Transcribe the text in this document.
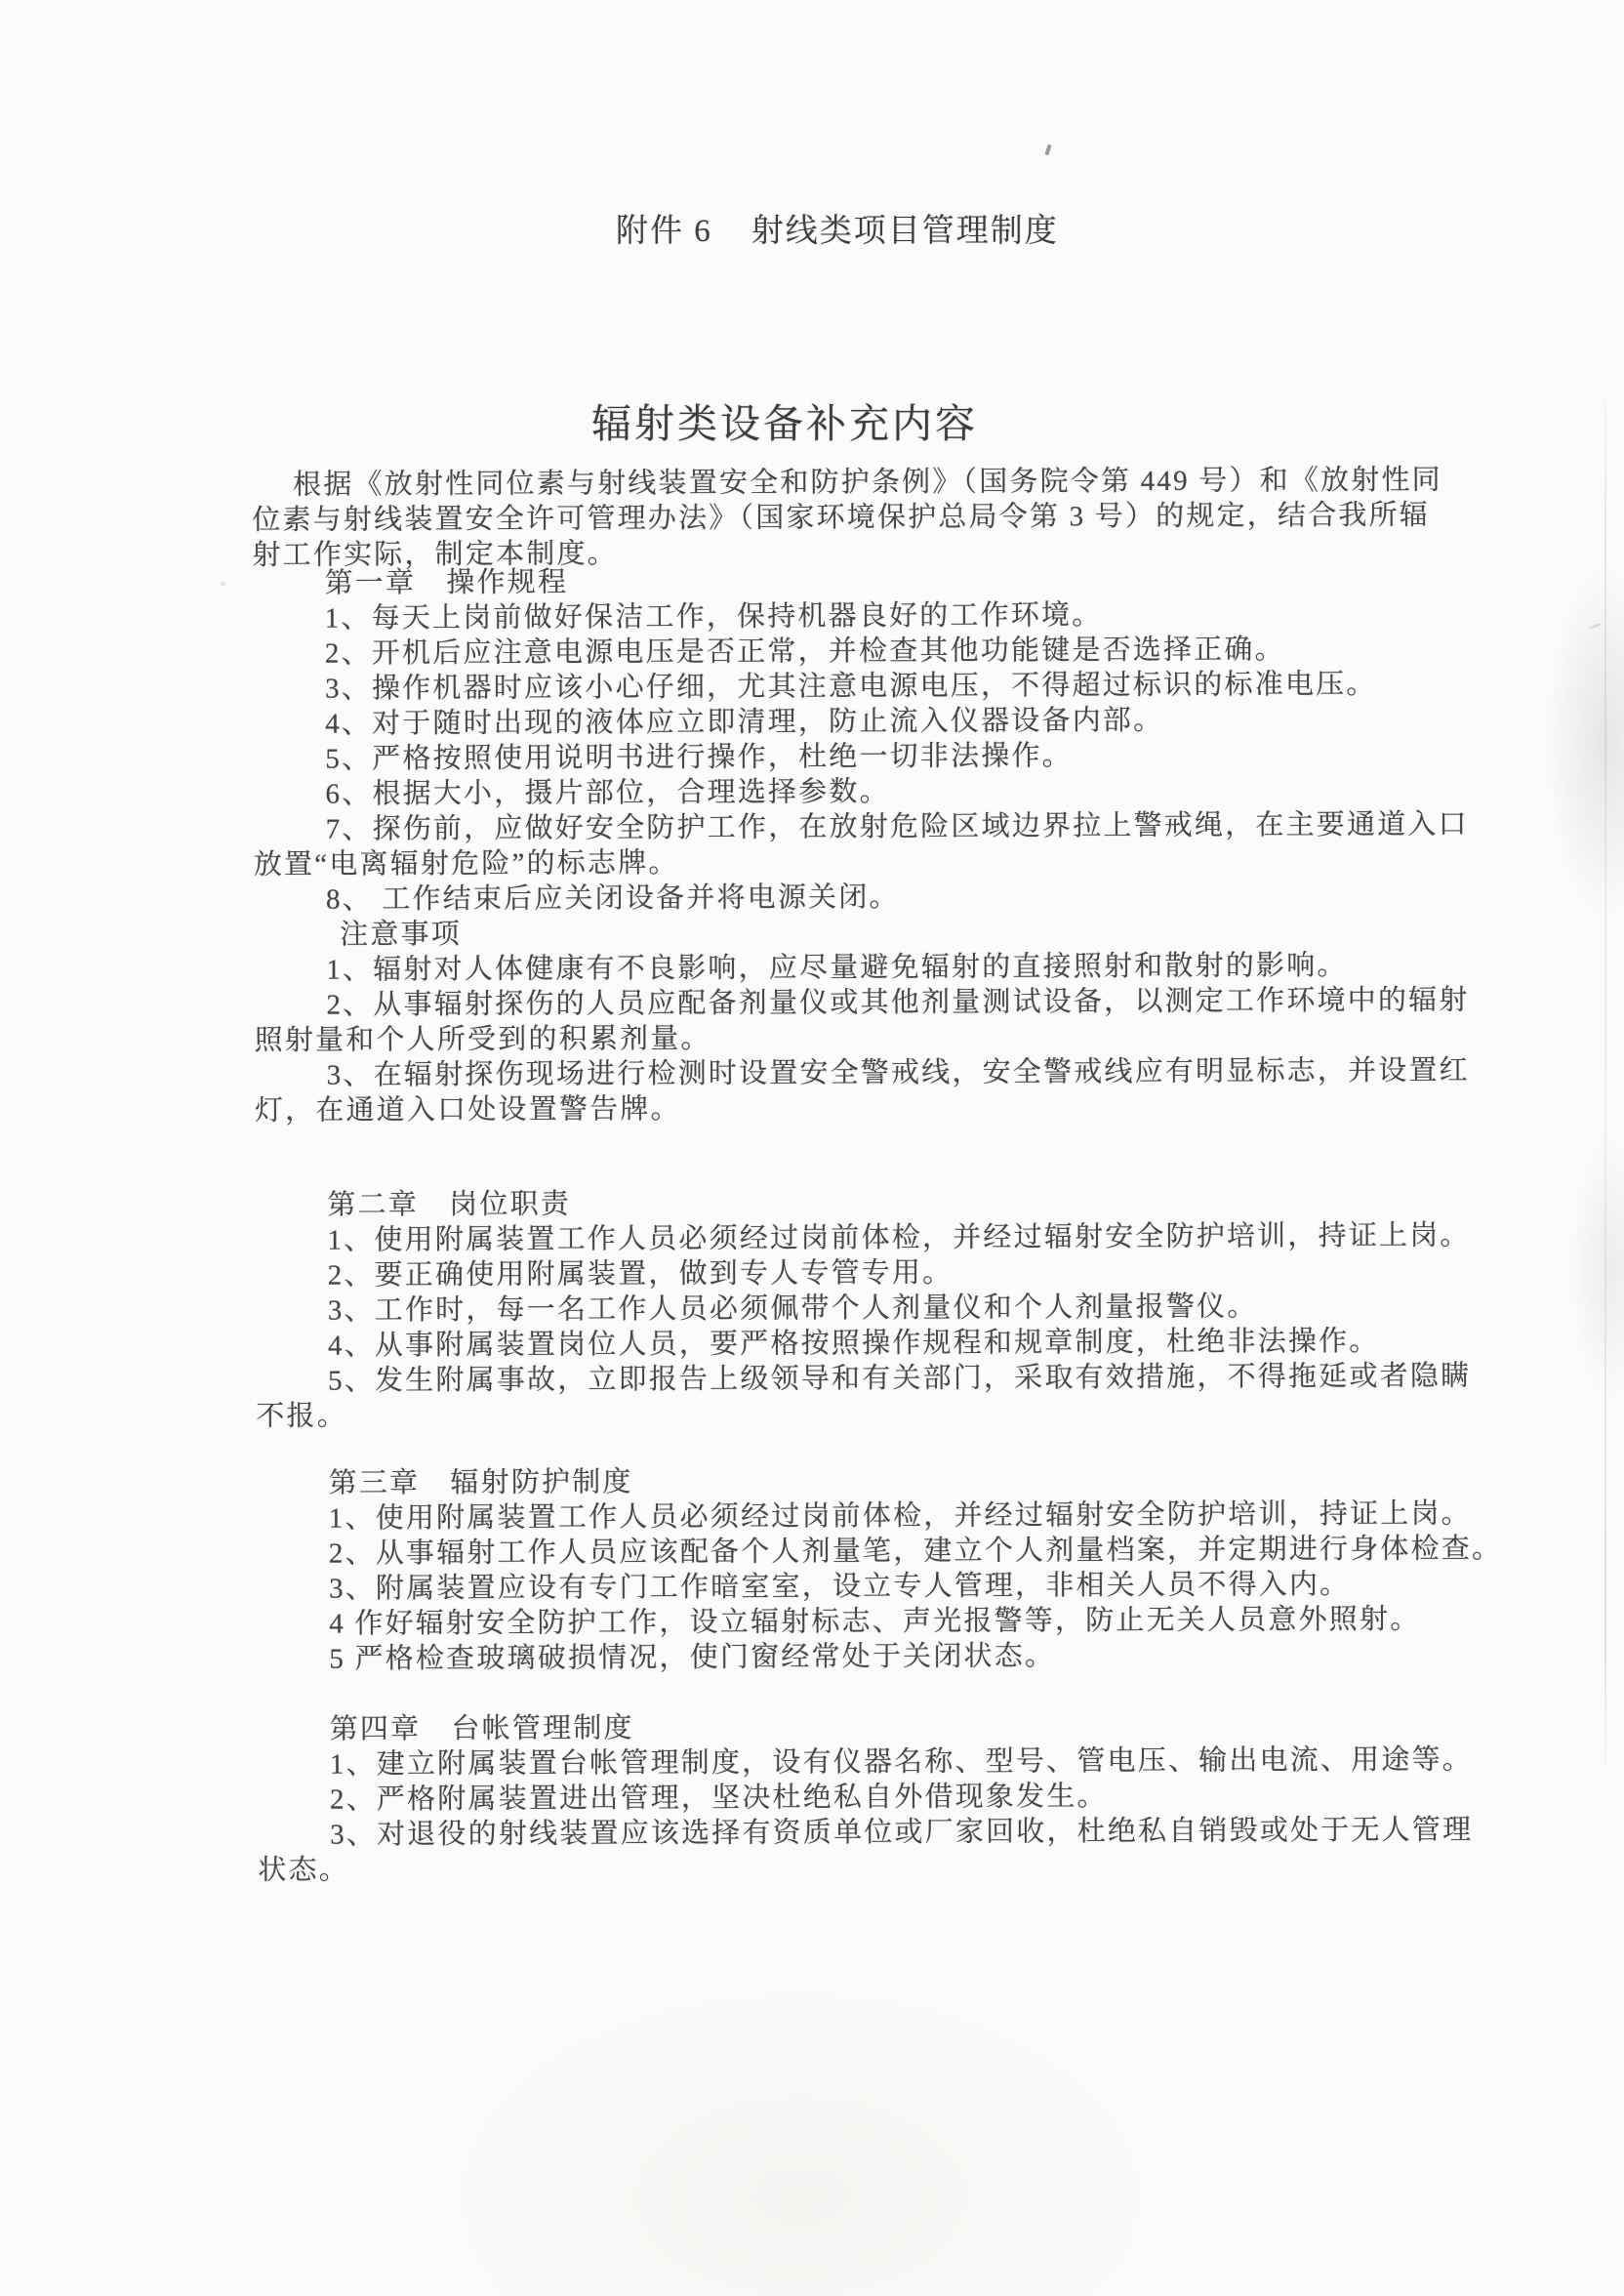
附件 6 射线类项目管理制度
辐射类设备补充内容
根据《放射性同位素与射线装置安全和防护条例》（国务院令第 449 号）和《放射性同
位素与射线装置安全许可管理办法》（国家环境保护总局令第 3 号）的规定，结合我所辐
射工作实际，制定本制度。
第一章　操作规程
1、每天上岗前做好保洁工作，保持机器良好的工作环境。
2、开机后应注意电源电压是否正常，并检查其他功能键是否选择正确。
3、操作机器时应该小心仔细，尤其注意电源电压，不得超过标识的标准电压。
4、对于随时出现的液体应立即清理，防止流入仪器设备内部。
5、严格按照使用说明书进行操作，杜绝一切非法操作。
6、根据大小，摄片部位，合理选择参数。
7、探伤前，应做好安全防护工作，在放射危险区域边界拉上警戒绳，在主要通道入口
放置“电离辐射危险”的标志牌。
8、 工作结束后应关闭设备并将电源关闭。
注意事项
1、辐射对人体健康有不良影响，应尽量避免辐射的直接照射和散射的影响。
2、从事辐射探伤的人员应配备剂量仪或其他剂量测试设备，以测定工作环境中的辐射
照射量和个人所受到的积累剂量。
3、在辐射探伤现场进行检测时设置安全警戒线，安全警戒线应有明显标志，并设置红
灯，在通道入口处设置警告牌。
第二章　岗位职责
1、使用附属装置工作人员必须经过岗前体检，并经过辐射安全防护培训，持证上岗。
2、要正确使用附属装置，做到专人专管专用。
3、工作时，每一名工作人员必须佩带个人剂量仪和个人剂量报警仪。
4、从事附属装置岗位人员，要严格按照操作规程和规章制度，杜绝非法操作。
5、发生附属事故，立即报告上级领导和有关部门，采取有效措施，不得拖延或者隐瞒
不报。
第三章　辐射防护制度
1、使用附属装置工作人员必须经过岗前体检，并经过辐射安全防护培训，持证上岗。
2、从事辐射工作人员应该配备个人剂量笔，建立个人剂量档案，并定期进行身体检查。
3、附属装置应设有专门工作暗室室，设立专人管理，非相关人员不得入内。
4 作好辐射安全防护工作，设立辐射标志、声光报警等，防止无关人员意外照射。
5 严格检查玻璃破损情况，使门窗经常处于关闭状态。
第四章　台帐管理制度
1、建立附属装置台帐管理制度，设有仪器名称、型号、管电压、输出电流、用途等。
2、严格附属装置进出管理，坚决杜绝私自外借现象发生。
3、对退役的射线装置应该选择有资质单位或厂家回收，杜绝私自销毁或处于无人管理
状态。
